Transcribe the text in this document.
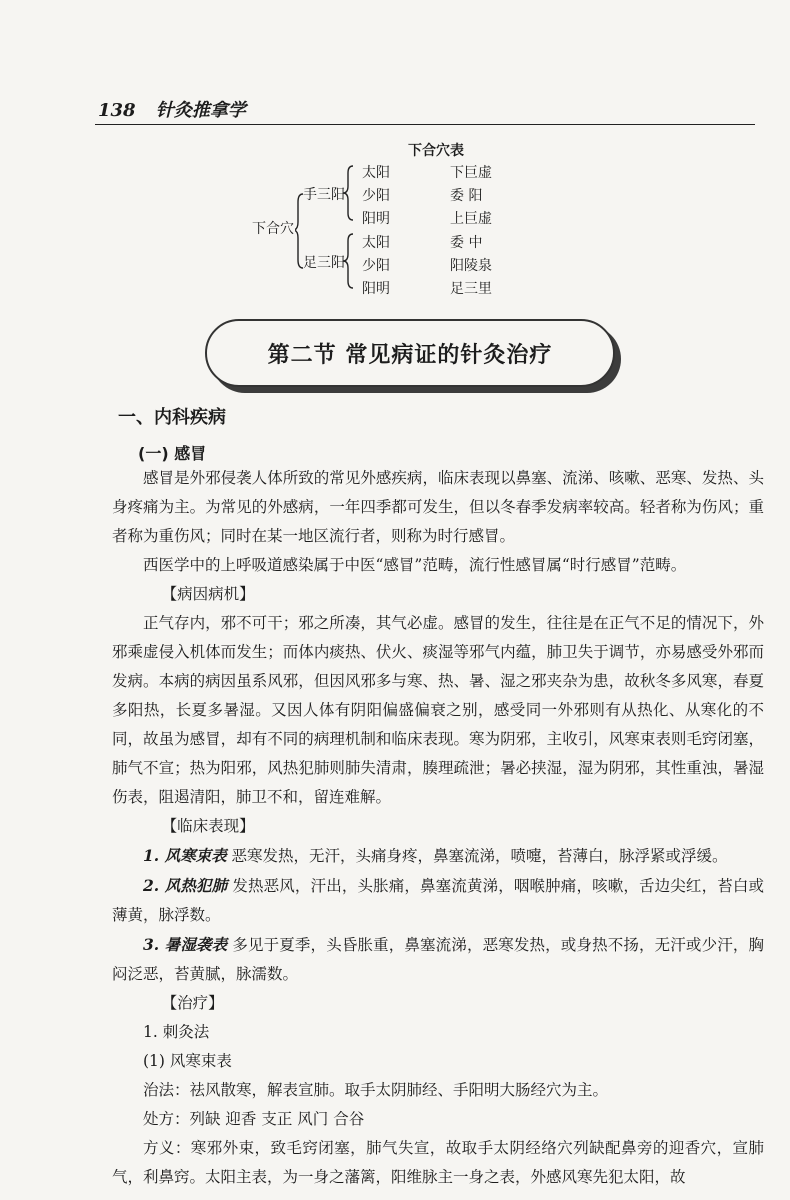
138 针灸推拿学
下合穴表
下合穴
手三阳
足三阳
太阳
少阳
阳明
太阳
少阳
阳明
下巨虚
委 阳
上巨虚
委 中
阳陵泉
足三里
第二节 常见病证的针灸治疗
一、内科疾病
(一) 感冒

感冒是外邪侵袭人体所致的常见外感疾病，临床表现以鼻塞、流涕、咳嗽、恶寒、发热、头身疼痛为主。为常见的外感病，一年四季都可发生，但以冬春季发病率较高。轻者称为伤风；重者称为重伤风；同时在某一地区流行者，则称为时行感冒。

西医学中的上呼吸道感染属于中医“感冒”范畴，流行性感冒属“时行感冒”范畴。

【病因病机】

正气存内，邪不可干；邪之所凑，其气必虚。感冒的发生，往往是在正气不足的情况下，外邪乘虚侵入机体而发生；而体内痰热、伏火、痰湿等邪气内蕴，肺卫失于调节，亦易感受外邪而发病。本病的病因虽系风邪，但因风邪多与寒、热、暑、湿之邪夹杂为患，故秋冬多风寒，春夏多阳热，长夏多暑湿。又因人体有阴阳偏盛偏衰之别，感受同一外邪则有从热化、从寒化的不同，故虽为感冒，却有不同的病理机制和临床表现。寒为阴邪，主收引，风寒束表则毛窍闭塞，肺气不宣；热为阳邪，风热犯肺则肺失清肃，腠理疏泄；暑必挟湿，湿为阴邪，其性重浊，暑湿伤表，阻遏清阳，肺卫不和，留连难解。

【临床表现】

1. 风寒束表 恶寒发热，无汗，头痛身疼，鼻塞流涕，喷嚏，苔薄白，脉浮紧或浮缓。

2. 风热犯肺 发热恶风，汗出，头胀痛，鼻塞流黄涕，咽喉肿痛，咳嗽，舌边尖红，苔白或薄黄，脉浮数。

3. 暑湿袭表 多见于夏季，头昏胀重，鼻塞流涕，恶寒发热，或身热不扬，无汗或少汗，胸闷泛恶，苔黄腻，脉濡数。

【治疗】

1. 刺灸法

(1) 风寒束表

治法：祛风散寒，解表宣肺。取手太阴肺经、手阳明大肠经穴为主。

处方：列缺 迎香 支正 风门 合谷

方义：寒邪外束，致毛窍闭塞，肺气失宣，故取手太阴经络穴列缺配鼻旁的迎香穴，宣肺气，利鼻窍。太阳主表，为一身之藩篱，阳维脉主一身之表，外感风寒先犯太阳，故
